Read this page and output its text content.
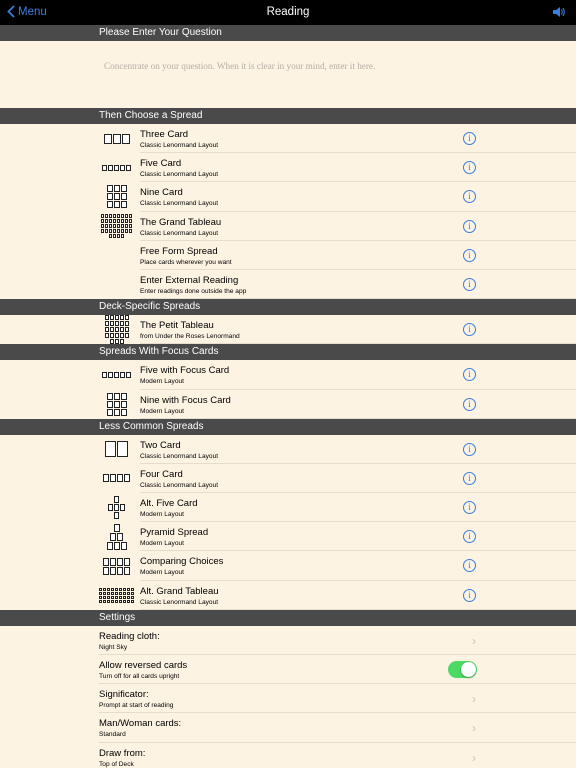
Menu	Reading
Please Enter Your Question
Concentrate on your question. When it is clear in your mind, enter it here.
Then Choose a Spread
Three Card
Classic Lenormand Layout
i
Five Card
Classic Lenormand Layout
i
Nine Card
Classic Lenormand Layout
i
The Grand Tableau
Classic Lenormand Layout
i
Free Form Spread
Place cards wherever you want
i
Enter External Reading
Enter readings done outside the app
i
Deck-Specific Spreads
The Petit Tableau
from Under the Roses Lenormand
i
Spreads With Focus Cards
Five with Focus Card
Modern Layout
i
Nine with Focus Card
Modern Layout
i
Less Common Spreads
Two Card
Classic Lenormand Layout
i
Four Card
Classic Lenormand Layout
i
Alt. Five Card
Modern Layout
i
Pyramid Spread
Modern Layout
i
Comparing Choices
Modern Layout
i
Alt. Grand Tableau
Classic Lenormand Layout
i
Settings
Reading cloth:
Night Sky	›
Allow reversed cards
Turn off for all cards upright
Significator:
Prompt at start of reading	›
Man/Woman cards:
Standard	›
Draw from:
Top of Deck	›
